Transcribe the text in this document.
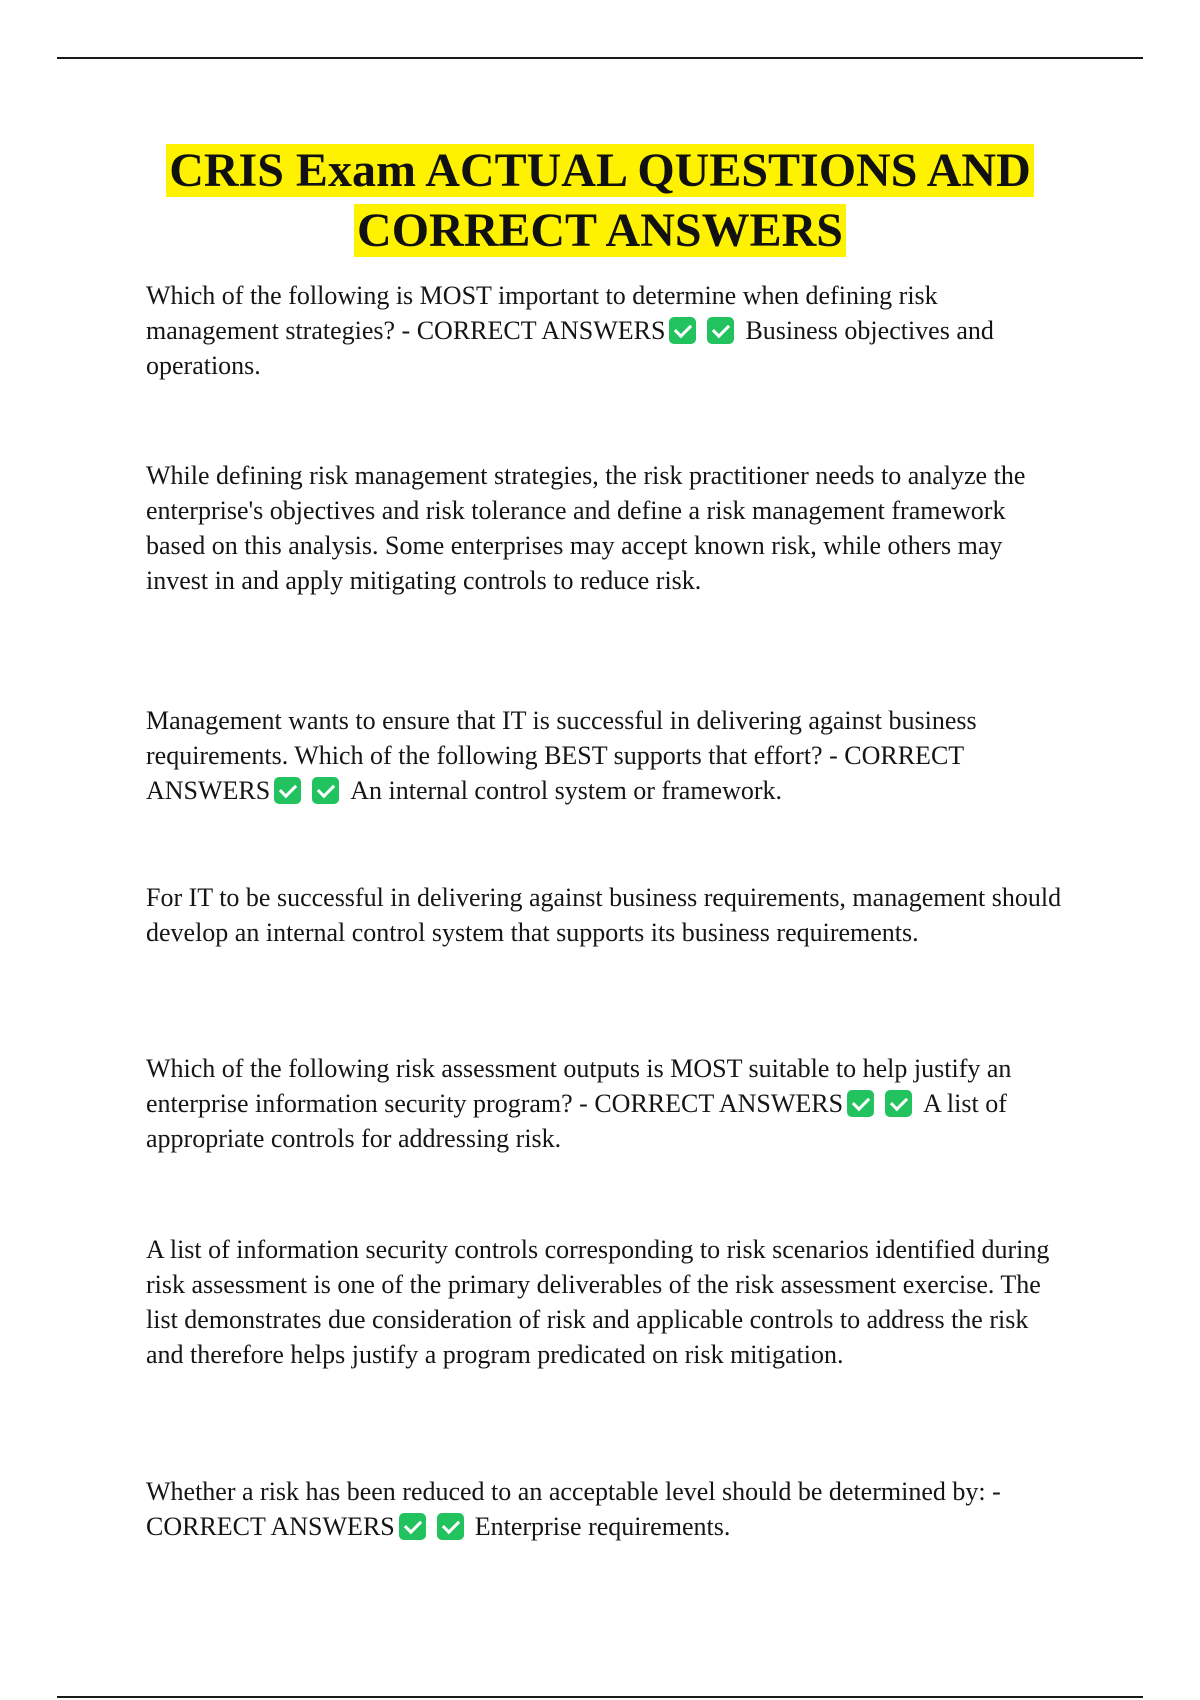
CRIS Exam ACTUAL QUESTIONS AND CORRECT ANSWERS

Which of the following is MOST important to determine when defining risk management strategies? - CORRECT ANSWERS	Business objectives and operations.

While defining risk management strategies, the risk practitioner needs to analyze the enterprise's objectives and risk tolerance and define a risk management framework based on this analysis. Some enterprises may accept known risk, while others may invest in and apply mitigating controls to reduce risk.

Management wants to ensure that IT is successful in delivering against business requirements. Which of the following BEST supports that effort? - CORRECT ANSWERS	An internal control system or framework.

For IT to be successful in delivering against business requirements, management should develop an internal control system that supports its business requirements.

Which of the following risk assessment outputs is MOST suitable to help justify an enterprise information security program? - CORRECT ANSWERS	A list of appropriate controls for addressing risk.

A list of information security controls corresponding to risk scenarios identified during risk assessment is one of the primary deliverables of the risk assessment exercise. The list demonstrates due consideration of risk and applicable controls to address the risk and therefore helps justify a program predicated on risk mitigation.

Whether a risk has been reduced to an acceptable level should be determined by: - CORRECT ANSWERS	Enterprise requirements.
